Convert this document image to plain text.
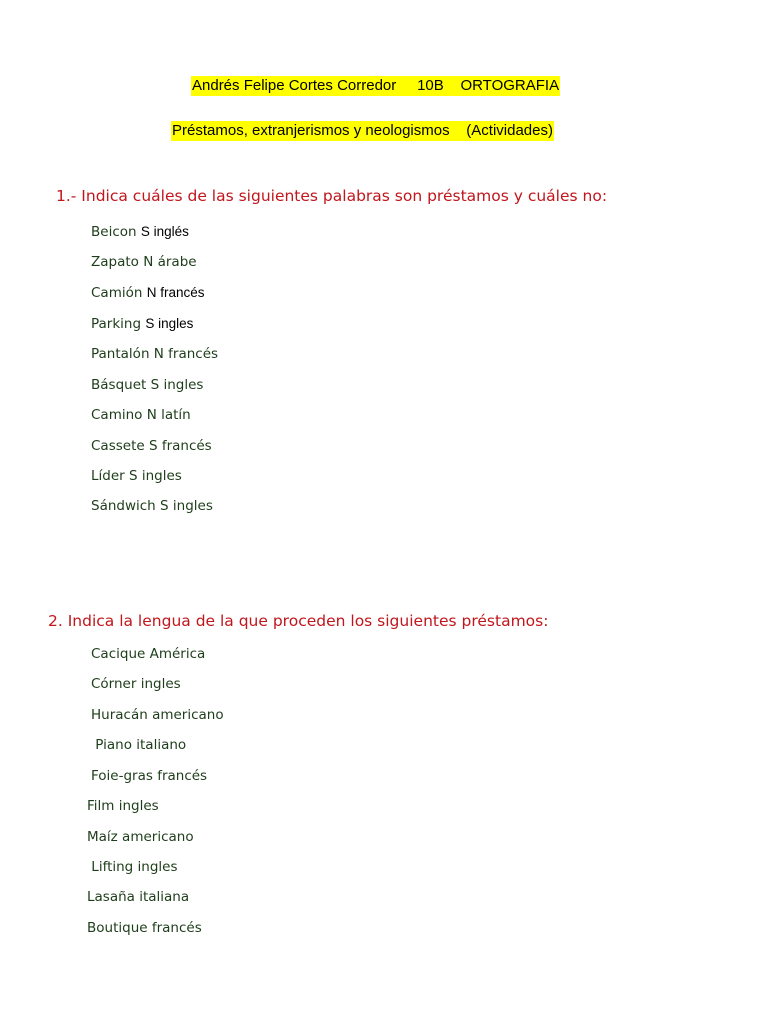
Andrés Felipe Cortes Corredor     10B    ORTOGRAFIA
Préstamos, extranjerismos y neologismos    (Actividades)
1.- Indica cuáles de las siguientes palabras son préstamos y cuáles no:
Beicon S inglés
Zapato N árabe
Camión N francés
Parking S ingles
Pantalón N francés
Básquet S ingles
Camino N latín
Cassete S francés
Líder S ingles
Sándwich S ingles
2. Indica la lengua de la que proceden los siguientes préstamos:
Cacique América
Córner ingles
Huracán americano
Piano italiano
Foie-gras francés
Film ingles
Maíz americano
Lifting ingles
Lasaña italiana
Boutique francés
